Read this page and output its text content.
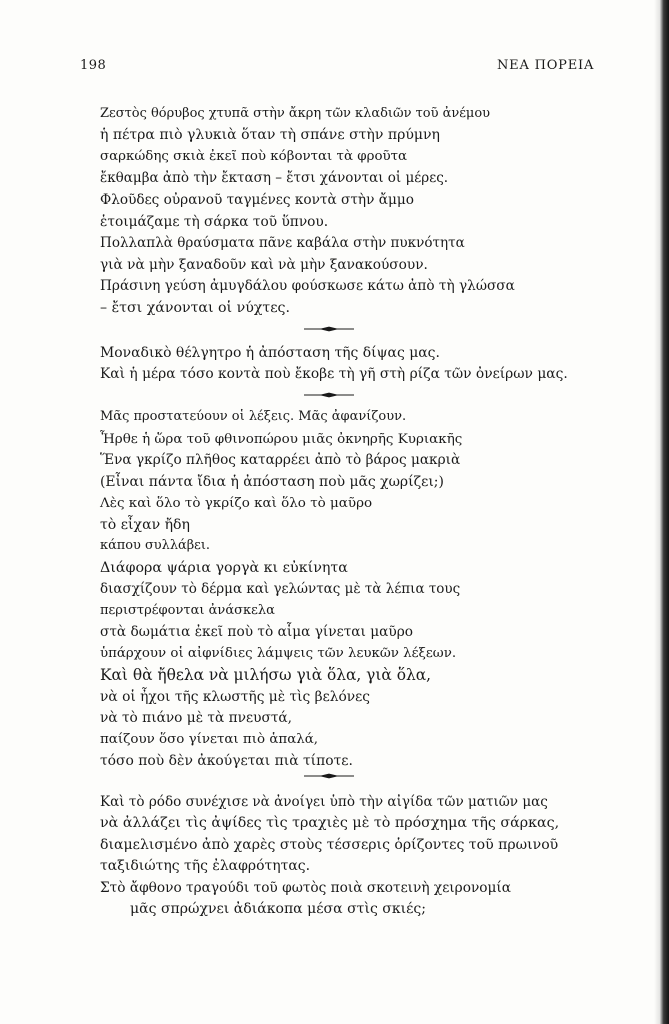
198	ΝΕΑ ΠΟΡΕΙΑ
Ζεστὸς θόρυβος χτυπᾶ στὴν ἄκρη τῶν κλαδιῶν τοῦ ἀνέμου
ἡ πέτρα πιὸ γλυκιὰ ὅταν τὴ σπάνε στὴν πρύμνη
σαρκώδης σκιὰ ἐκεῖ ποὺ κόβονται τὰ φροῦτα
ἔκθαμβα ἀπὸ τὴν ἔκταση – ἔτσι χάνονται οἱ μέρες.
Φλοῦδες οὐρανοῦ ταγμένες κοντὰ στὴν ἄμμο
ἑτοιμάζαμε τὴ σάρκα τοῦ ὕπνου.
Πολλαπλὰ θραύσματα πᾶνε καβάλα στὴν πυκνότητα
γιὰ νὰ μὴν ξαναδοῦν καὶ νὰ μὴν ξανακούσουν.
Πράσινη γεύση ἀμυγδάλου φούσκωσε κάτω ἀπὸ τὴ γλώσσα
– ἔτσι χάνονται οἱ νύχτες.
Μοναδικὸ θέλγητρο ἡ ἀπόσταση τῆς δίψας μας.
Καὶ ἡ μέρα τόσο κοντὰ ποὺ ἔκοβε τὴ γῆ στὴ ρίζα τῶν ὀνείρων μας.
Μᾶς προστατεύουν οἱ λέξεις. Μᾶς ἀφανίζουν.
Ἦρθε ἡ ὥρα τοῦ φθινοπώρου μιᾶς ὀκνηρῆς Κυριακῆς
Ἕνα γκρίζο πλῆθος καταρρέει ἀπὸ τὸ βάρος μακριὰ
(Εἶναι πάντα ἴδια ἡ ἀπόσταση ποὺ μᾶς χωρίζει;)
Λὲς καὶ ὅλο τὸ γκρίζο καὶ ὅλο τὸ μαῦρο
τὸ εἶχαν ἤδη
κάπου συλλάβει.
Διάφορα ψάρια γοργὰ κι εὐκίνητα
διασχίζουν τὸ δέρμα καὶ γελώντας μὲ τὰ λέπια τους
περιστρέφονται ἀνάσκελα
στὰ δωμάτια ἐκεῖ ποὺ τὸ αἷμα γίνεται μαῦρο
ὑπάρχουν οἱ αἰφνίδιες λάμψεις τῶν λευκῶν λέξεων.
Καὶ θὰ ἤθελα νὰ μιλήσω γιὰ ὅλα, γιὰ ὅλα,
νὰ οἱ ἦχοι τῆς κλωστῆς μὲ τὶς βελόνες
νὰ τὸ πιάνο μὲ τὰ πνευστά,
παίζουν ὅσο γίνεται πιὸ ἁπαλά,
τόσο ποὺ δὲν ἀκούγεται πιὰ τίποτε.
Καὶ τὸ ρόδο συνέχισε νὰ ἀνοίγει ὑπὸ τὴν αἰγίδα τῶν ματιῶν μας
νὰ ἀλλάζει τὶς ἀψίδες τὶς τραχιὲς μὲ τὸ πρόσχημα τῆς σάρκας,
διαμελισμένο ἀπὸ χαρὲς στοὺς τέσσερις ὁρίζοντες τοῦ πρωινοῦ
ταξιδιώτης τῆς ἐλαφρότητας.
Στὸ ἄφθονο τραγούδι τοῦ φωτὸς ποιὰ σκοτεινὴ χειρονομία
μᾶς σπρώχνει ἀδιάκοπα μέσα στὶς σκιές;
